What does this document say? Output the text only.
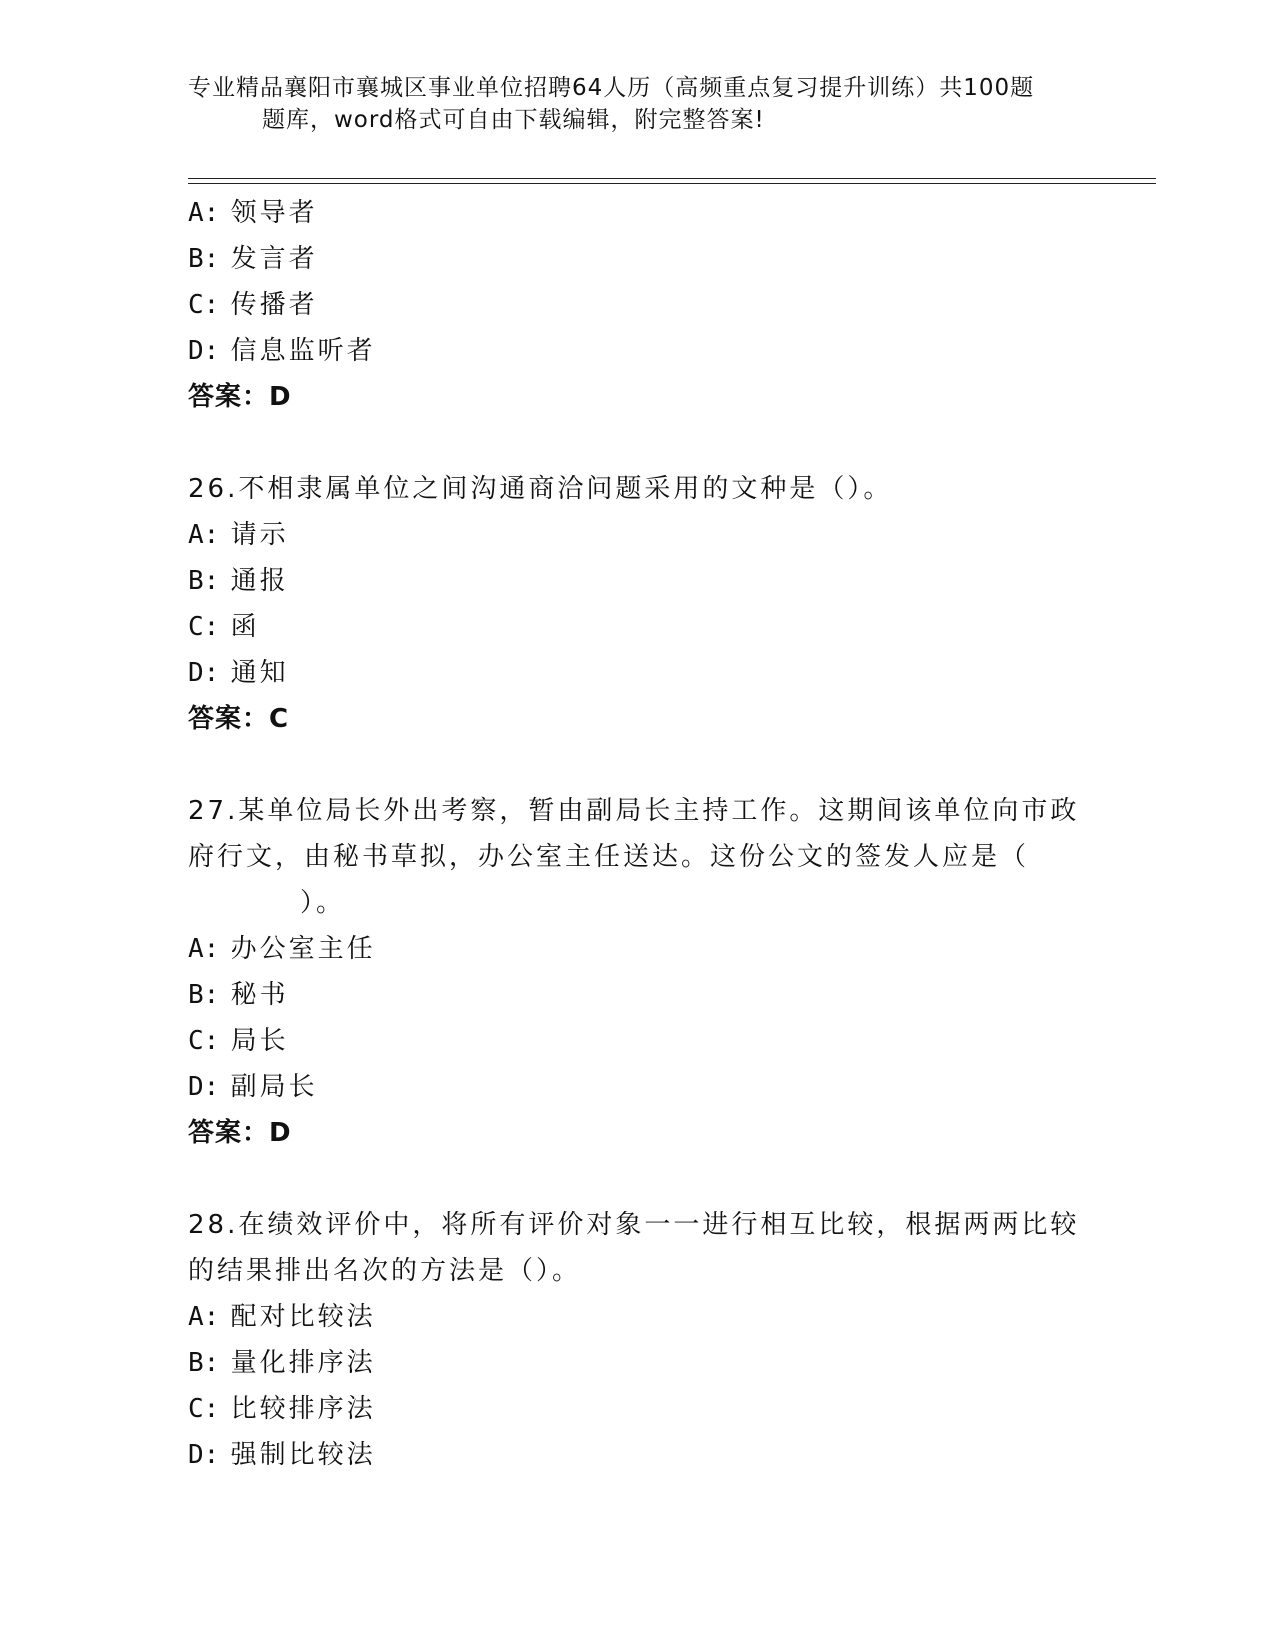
专业精品襄阳市襄城区事业单位招聘64人历（高频重点复习提升训练）共100题
题库，word格式可自由下载编辑，附完整答案!
A: 领导者
B: 发言者
C: 传播者
D: 信息监听者
答案：D
26.不相隶属单位之间沟通商洽问题采用的文种是（）。
A: 请示
B: 通报
C: 函
D: 通知
答案：C
27.某单位局长外出考察，暂由副局长主持工作。这期间该单位向市政
府行文，由秘书草拟，办公室主任送达。这份公文的签发人应是（
）。
A: 办公室主任
B: 秘书
C: 局长
D: 副局长
答案：D
28.在绩效评价中，将所有评价对象一一进行相互比较，根据两两比较
的结果排出名次的方法是（）。
A: 配对比较法
B: 量化排序法
C: 比较排序法
D: 强制比较法
